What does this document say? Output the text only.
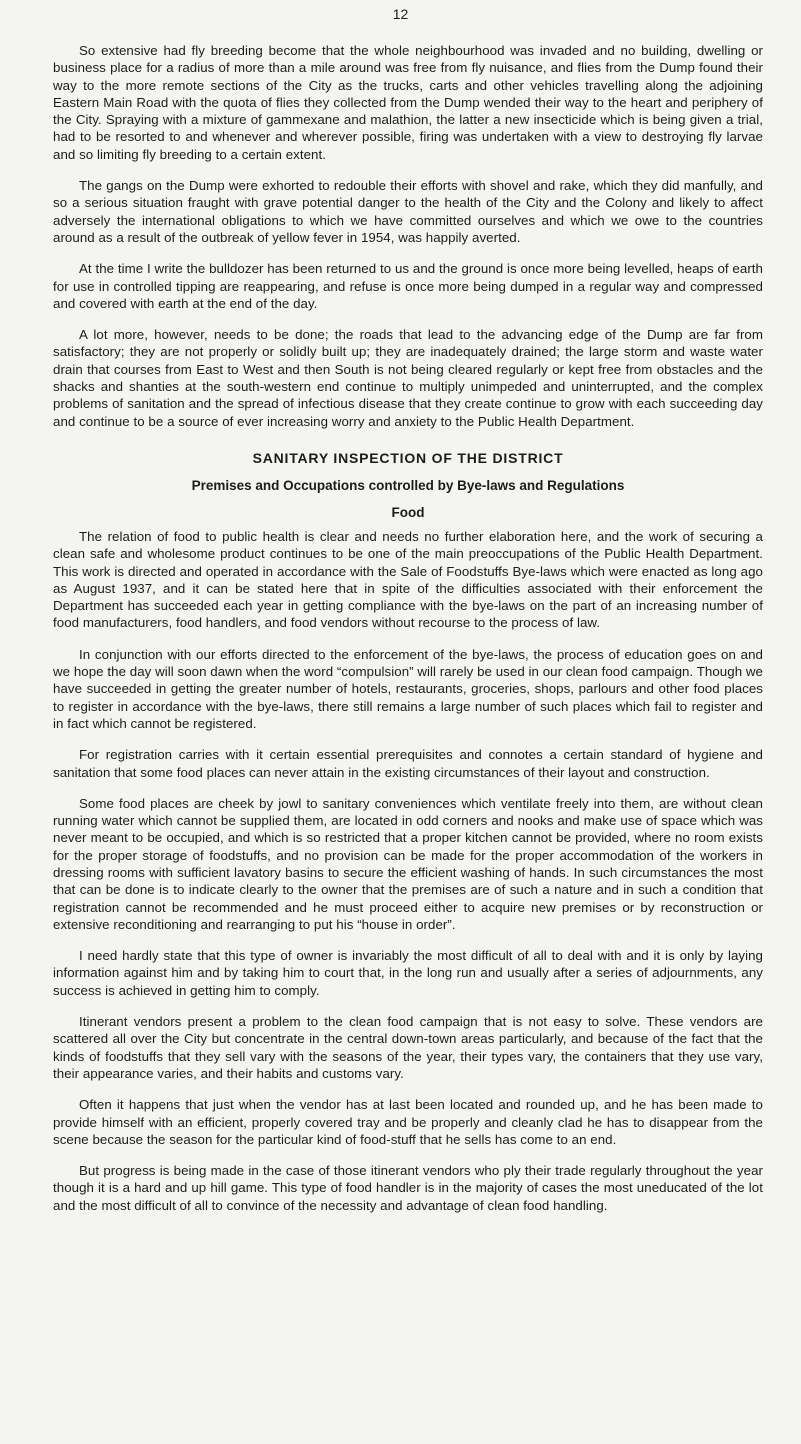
12

So extensive had fly breeding become that the whole neighbourhood was invaded and no building, dwelling or business place for a radius of more than a mile around was free from fly nuisance, and flies from the Dump found their way to the more remote sections of the City as the trucks, carts and other vehicles travelling along the adjoining Eastern Main Road with the quota of flies they collected from the Dump wended their way to the heart and periphery of the City. Spraying with a mixture of gammexane and malathion, the latter a new insecticide which is being given a trial, had to be resorted to and whenever and wherever possible, firing was undertaken with a view to destroying fly larvae and so limiting fly breeding to a certain extent.

The gangs on the Dump were exhorted to redouble their efforts with shovel and rake, which they did manfully, and so a serious situation fraught with grave potential danger to the health of the City and the Colony and likely to affect adversely the international obligations to which we have committed ourselves and which we owe to the countries around as a result of the outbreak of yellow fever in 1954, was happily averted.

At the time I write the bulldozer has been returned to us and the ground is once more being levelled, heaps of earth for use in controlled tipping are reappearing, and refuse is once more being dumped in a regular way and compressed and covered with earth at the end of the day.

A lot more, however, needs to be done; the roads that lead to the advancing edge of the Dump are far from satisfactory; they are not properly or solidly built up; they are inadequately drained; the large storm and waste water drain that courses from East to West and then South is not being cleared regularly or kept free from obstacles and the shacks and shanties at the south-western end continue to multiply unimpeded and uninterrupted, and the complex problems of sanitation and the spread of infectious disease that they create continue to grow with each succeeding day and continue to be a source of ever increasing worry and anxiety to the Public Health Department.

SANITARY INSPECTION OF THE DISTRICT
Premises and Occupations controlled by Bye-laws and Regulations
Food

The relation of food to public health is clear and needs no further elaboration here, and the work of securing a clean safe and wholesome product continues to be one of the main preoccupations of the Public Health Department. This work is directed and operated in accordance with the Sale of Foodstuffs Bye-laws which were enacted as long ago as August 1937, and it can be stated here that in spite of the difficulties associated with their enforcement the Department has succeeded each year in getting compliance with the bye-laws on the part of an increasing number of food manufacturers, food handlers, and food vendors without recourse to the process of law.

In conjunction with our efforts directed to the enforcement of the bye-laws, the process of education goes on and we hope the day will soon dawn when the word “compulsion” will rarely be used in our clean food campaign. Though we have succeeded in getting the greater number of hotels, restaurants, groceries, shops, parlours and other food places to register in accordance with the bye-laws, there still remains a large number of such places which fail to register and in fact which cannot be registered.

For registration carries with it certain essential prerequisites and connotes a certain standard of hygiene and sanitation that some food places can never attain in the existing circumstances of their layout and construction.

Some food places are cheek by jowl to sanitary conveniences which ventilate freely into them, are without clean running water which cannot be supplied them, are located in odd corners and nooks and make use of space which was never meant to be occupied, and which is so restricted that a proper kitchen cannot be provided, where no room exists for the proper storage of foodstuffs, and no provision can be made for the proper accommodation of the workers in dressing rooms with sufficient lavatory basins to secure the efficient washing of hands. In such circumstances the most that can be done is to indicate clearly to the owner that the premises are of such a nature and in such a condition that registration cannot be recommended and he must proceed either to acquire new premises or by reconstruction or extensive reconditioning and rearranging to put his “house in order”.

I need hardly state that this type of owner is invariably the most difficult of all to deal with and it is only by laying information against him and by taking him to court that, in the long run and usually after a series of adjournments, any success is achieved in getting him to comply.

Itinerant vendors present a problem to the clean food campaign that is not easy to solve. These vendors are scattered all over the City but concentrate in the central down-town areas particularly, and because of the fact that the kinds of foodstuffs that they sell vary with the seasons of the year, their types vary, the containers that they use vary, their appearance varies, and their habits and customs vary.

Often it happens that just when the vendor has at last been located and rounded up, and he has been made to provide himself with an efficient, properly covered tray and be properly and cleanly clad he has to disappear from the scene because the season for the particular kind of food-stuff that he sells has come to an end.

But progress is being made in the case of those itinerant vendors who ply their trade regularly throughout the year though it is a hard and up hill game. This type of food handler is in the majority of cases the most uneducated of the lot and the most difficult of all to convince of the necessity and advantage of clean food handling.
